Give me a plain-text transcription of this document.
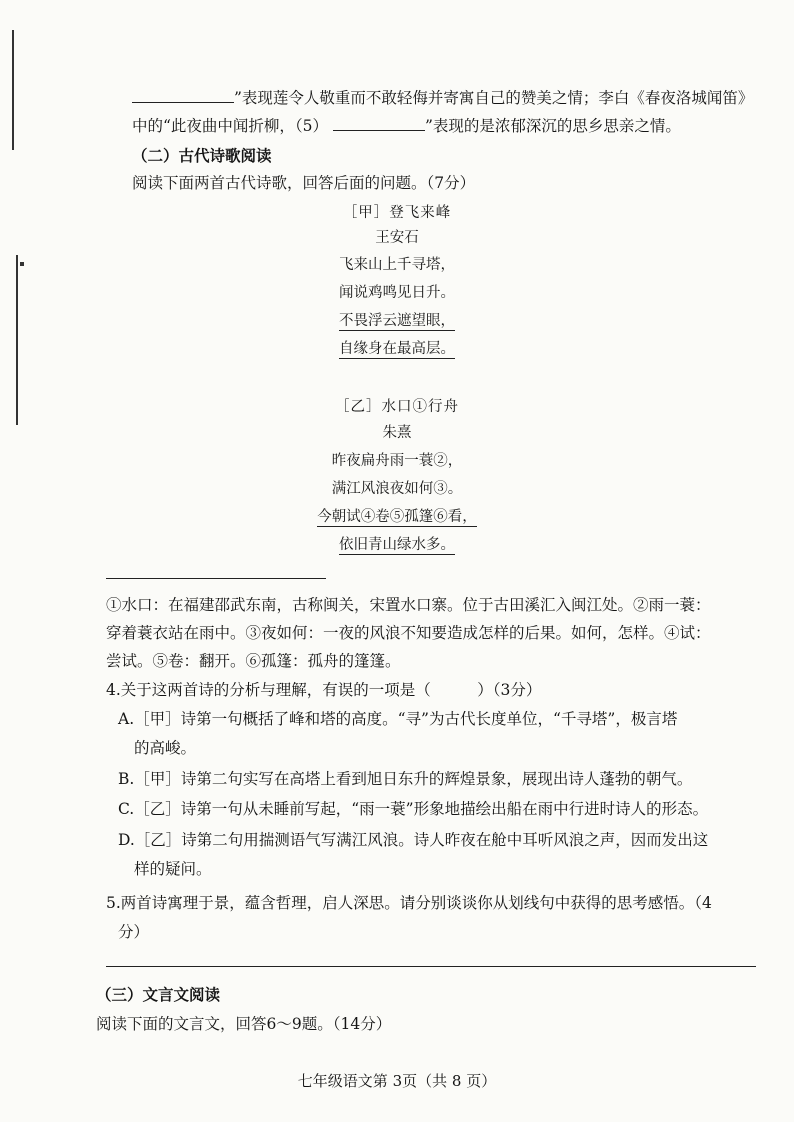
”表现莲令人敬重而不敢轻侮并寄寓自己的赞美之情；李白《春夜洛城闻笛》
中的“此夜曲中闻折柳，（5）	”表现的是浓郁深沉的思乡思亲之情。
（二）古代诗歌阅读
阅读下面两首古代诗歌，回答后面的问题。（7分）
［甲］登飞来峰
王安石
飞来山上千寻塔，
闻说鸡鸣见日升。
不畏浮云遮望眼，
自缘身在最高层。
［乙］水口①行舟
朱熹
昨夜扁舟雨一蓑②，
满江风浪夜如何③。
今朝试④卷⑤孤篷⑥看，
依旧青山绿水多。
①水口：在福建邵武东南，古称闽关，宋置水口寨。位于古田溪汇入闽江处。②雨一蓑：
穿着蓑衣站在雨中。③夜如何：一夜的风浪不知要造成怎样的后果。如何，怎样。④试：
尝试。⑤卷：翻开。⑥孤篷：孤舟的篷篷。
4.关于这两首诗的分析与理解，有误的一项是（　　　）（3分）
A.［甲］诗第一句概括了峰和塔的高度。“寻”为古代长度单位，“千寻塔”，极言塔
的高峻。
B.［甲］诗第二句实写在高塔上看到旭日东升的辉煌景象，展现出诗人蓬勃的朝气。
C.［乙］诗第一句从未睡前写起，“雨一蓑”形象地描绘出船在雨中行进时诗人的形态。
D.［乙］诗第二句用揣测语气写满江风浪。诗人昨夜在舱中耳听风浪之声，因而发出这
样的疑问。
5.两首诗寓理于景，蕴含哲理，启人深思。请分别谈谈你从划线句中获得的思考感悟。（4
分）
（三）文言文阅读
阅读下面的文言文，回答6～9题。（14分）
七年级语文第 3页（共 8 页）
